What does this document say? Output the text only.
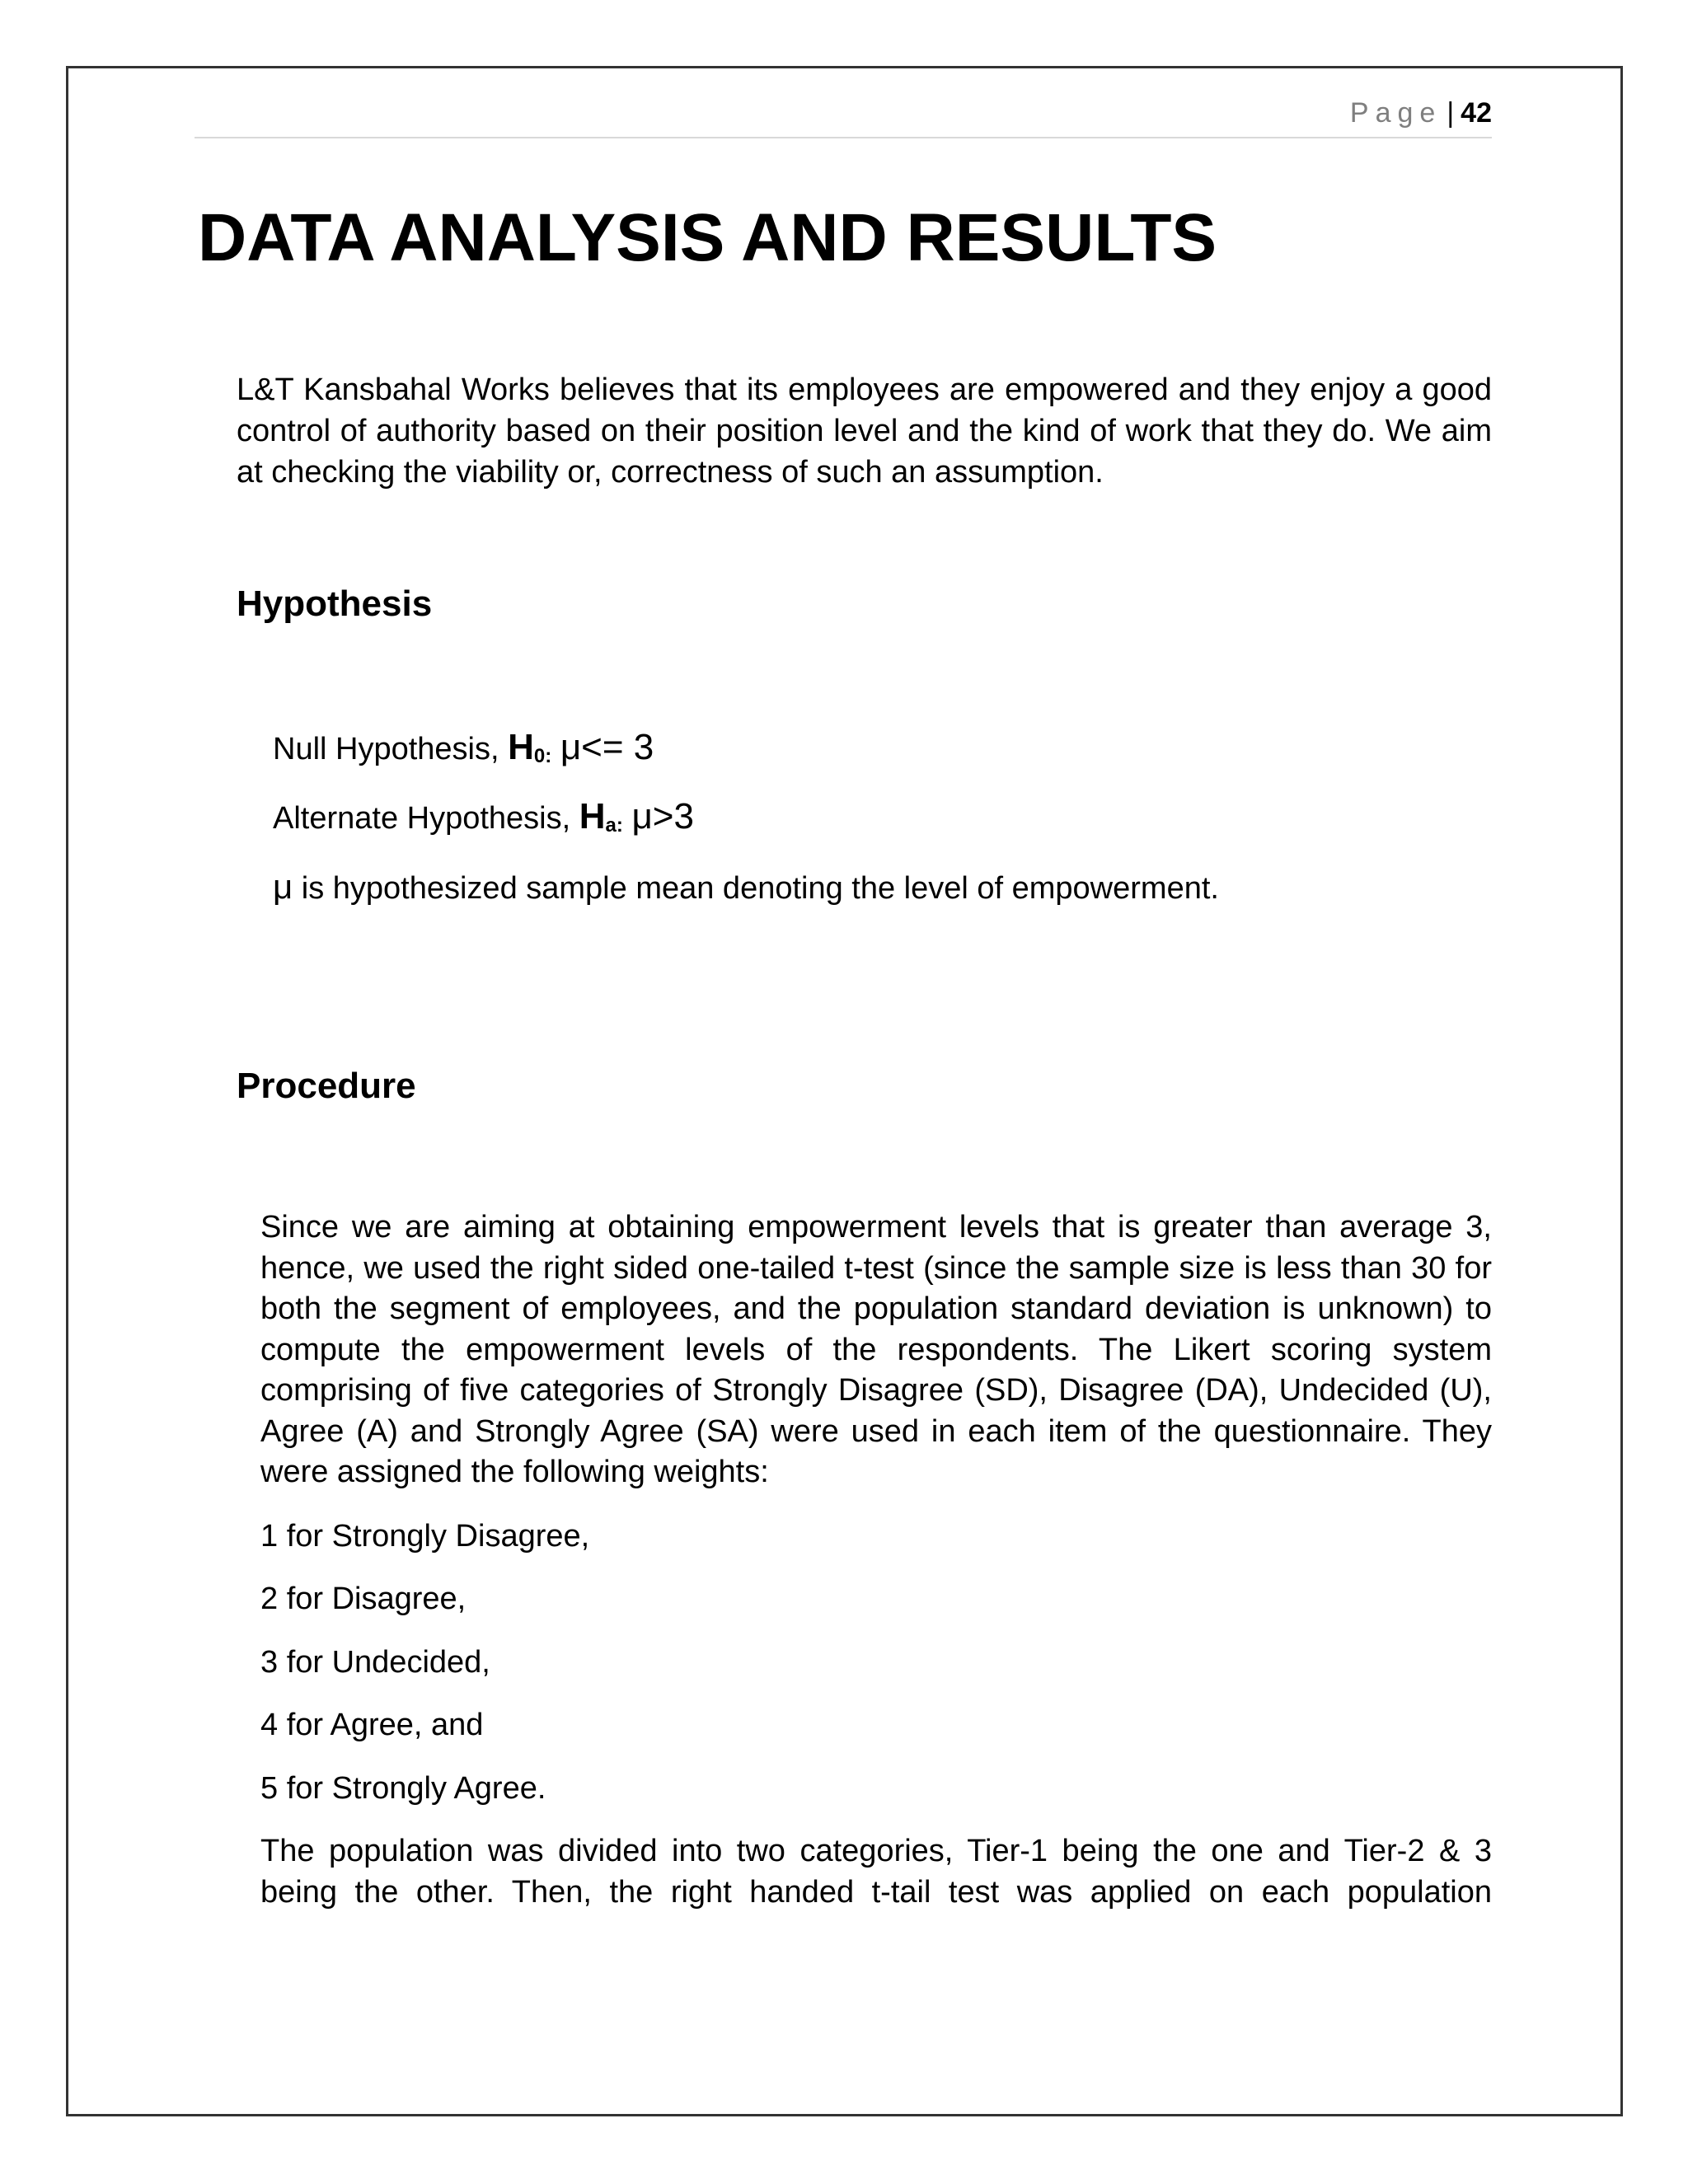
Page | 42
DATA ANALYSIS AND RESULTS

L&T Kansbahal Works believes that its employees are empowered and they enjoy a good control of authority based on their position level and the kind of work that they do. We aim at checking the viability or, correctness of such an assumption.

Hypothesis

Null Hypothesis, H0: μ<= 3

Alternate Hypothesis, Ha: μ>3

μ is hypothesized sample mean denoting the level of empowerment.

Procedure

Since we are aiming at obtaining empowerment levels that is greater than average 3, hence, we used the right sided one-tailed t-test (since the sample size is less than 30 for both the segment of employees, and the population standard deviation is unknown) to compute the empowerment levels of the respondents. The Likert scoring system comprising of five categories of Strongly Disagree (SD), Disagree (DA), Undecided (U), Agree (A) and Strongly Agree (SA) were used in each item of the questionnaire. They were assigned the following weights:

1 for Strongly Disagree,
2 for Disagree,
3 for Undecided,
4 for Agree, and
5 for Strongly Agree.

The population was divided into two categories, Tier-1 being the one and Tier-2 & 3 being the other. Then, the right handed t-tail test was applied on each population
